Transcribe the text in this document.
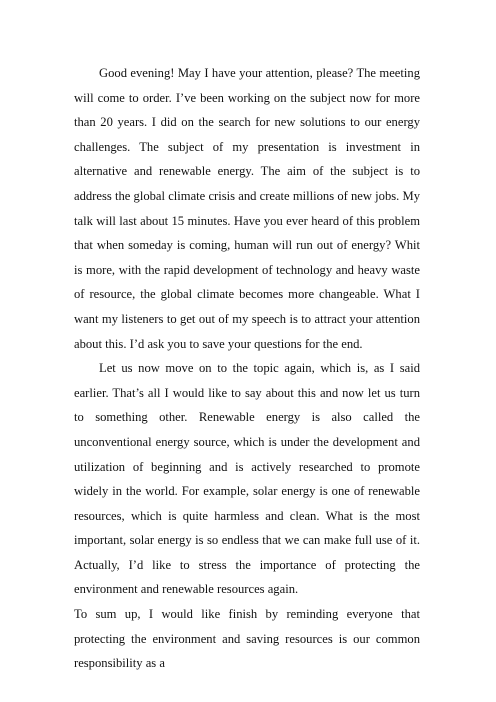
Good evening! May I have your attention, please? The meeting will come to order. I’ve been working on the subject now for more than 20 years. I did on the search for new solutions to our energy challenges. The subject of my presentation is investment in alternative and renewable energy. The aim of the subject is to address the global climate crisis and create millions of new jobs. My talk will last about 15 minutes. Have you ever heard of this problem that when someday is coming, human will run out of energy? Whit is more, with the rapid development of technology and heavy waste of resource, the global climate becomes more changeable. What I want my listeners to get out of my speech is to attract your attention about this. I’d ask you to save your questions for the end.

Let us now move on to the topic again, which is, as I said earlier. That’s all I would like to say about this and now let us turn to something other. Renewable energy is also called the unconventional energy source, which is under the development and utilization of beginning and is actively researched to promote widely in the world. For example, solar energy is one of renewable resources, which is quite harmless and clean. What is the most important, solar energy is so endless that we can make full use of it. Actually, I’d like to stress the importance of protecting the environment and renewable resources again.

To sum up, I would like finish by reminding everyone that protecting the environment and saving resources is our common responsibility as a
